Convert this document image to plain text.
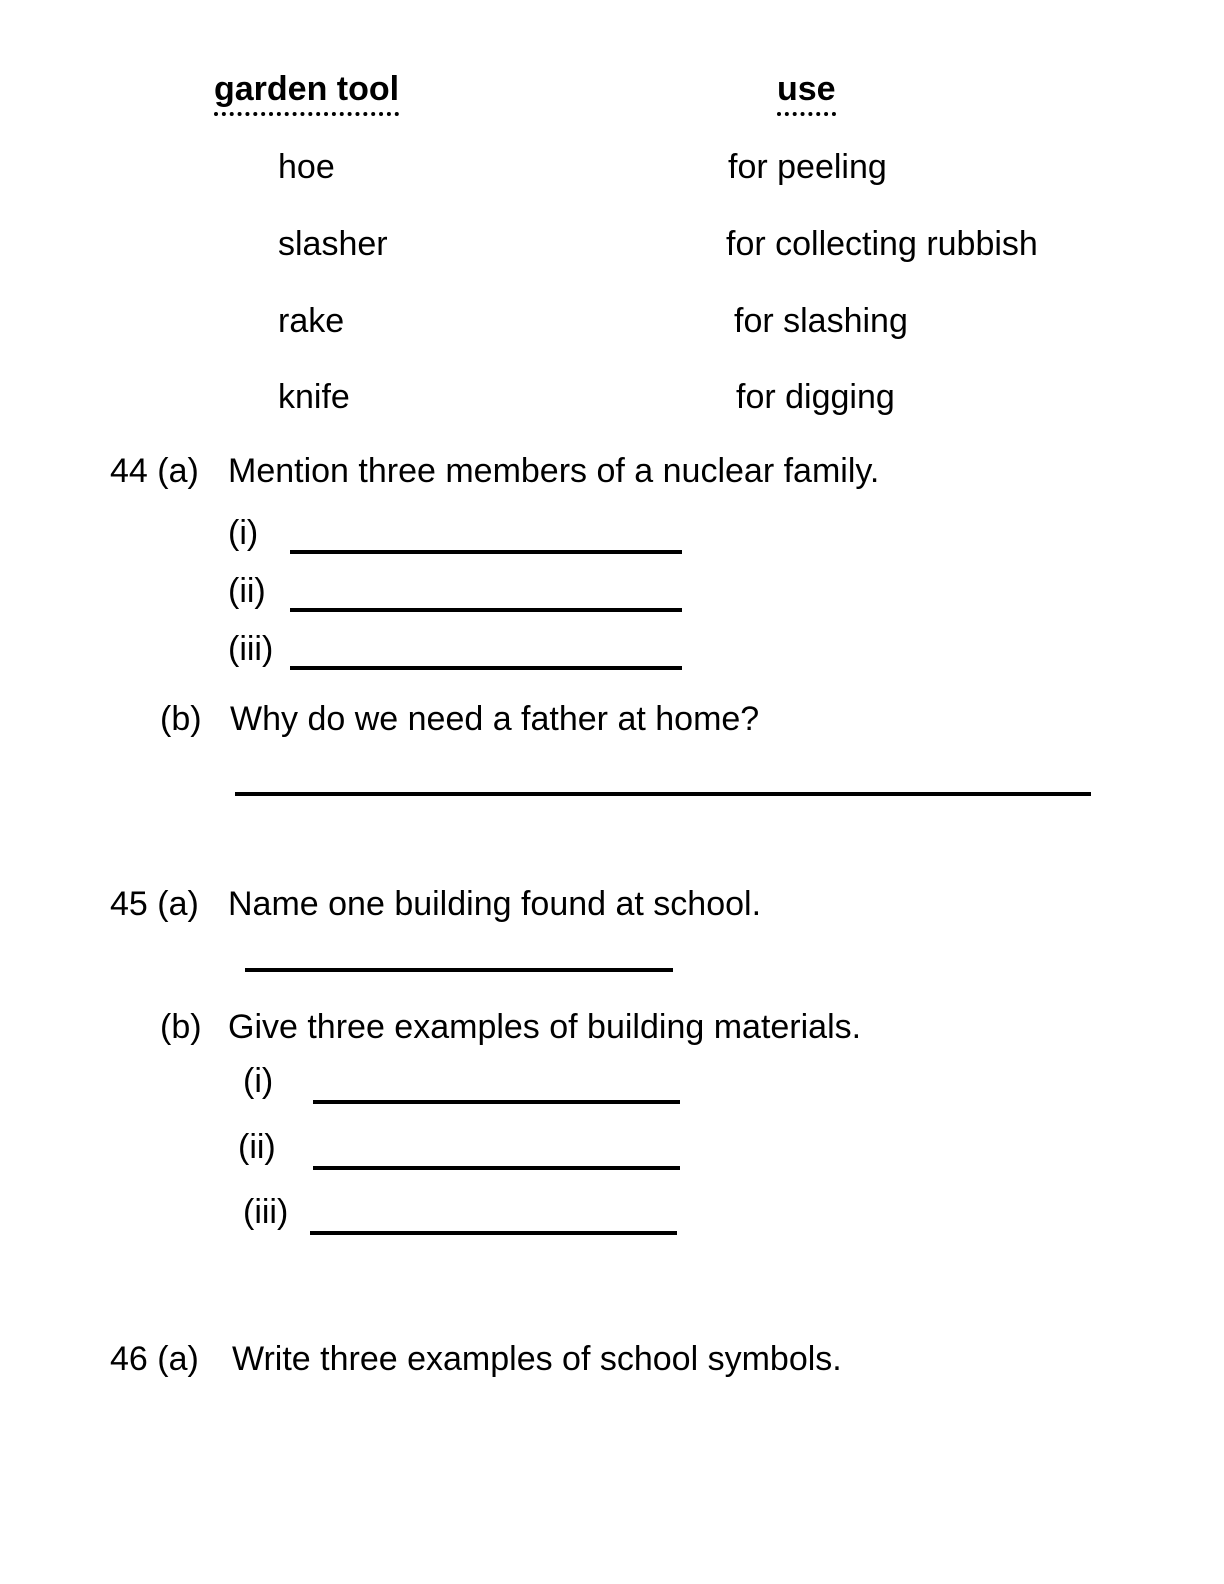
garden tool	use
hoe	for peeling
slasher	for collecting rubbish
rake	for slashing
knife	for digging
44 (a) Mention three members of a nuclear family.
(i)
(ii)
(iii)
(b) Why do we need a father at home?
45 (a) Name one building found at school.
(b) Give three examples of building materials.
(i)
(ii)
(iii)
46 (a) Write three examples of school symbols.
